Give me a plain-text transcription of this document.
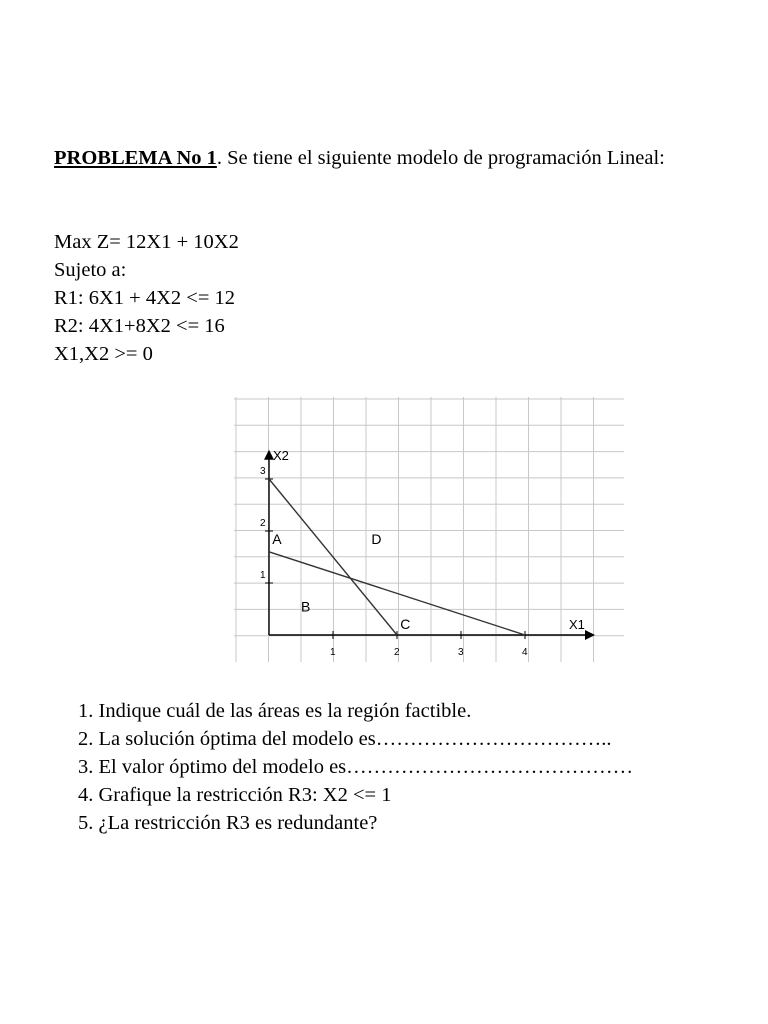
PROBLEMA No 1. Se tiene el siguiente modelo de programación Lineal:
Max Z= 12X1 + 10X2
Sujeto a:
R1: 6X1 + 4X2 <= 12
R2: 4X1+8X2 <= 16
X1,X2 >= 0
1	2	3	4
1
2
3
X2
X1
A	D
B
C
1. Indique cuál de las áreas es la región factible.
2. La solución óptima del modelo es……………………………..
3. El valor óptimo del modelo es……………………………………
4. Grafique la restricción R3: X2 <= 1
5. ¿La restricción R3 es redundante?
